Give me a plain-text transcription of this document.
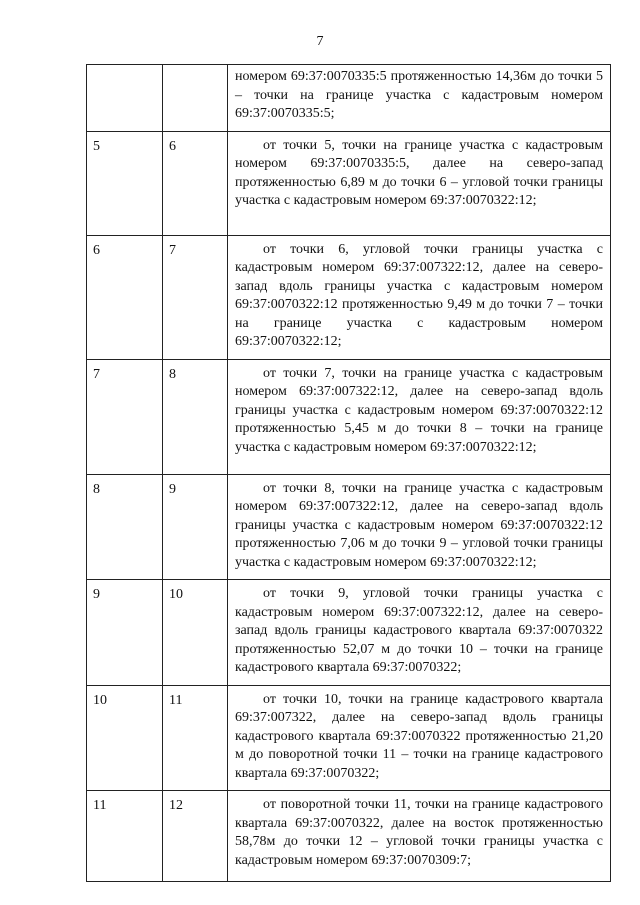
7

		номером 69:37:0070335:5 протяженностью 14,36м до точки 5 – точки на границе участка с кадастровым номером 69:37:0070335:5;

5	6	от точки 5, точки на границе участка с кадастровым номером 69:37:0070335:5, далее на северо-запад протяженностью 6,89 м до точки 6 – угловой точки границы участка с кадастровым номером 69:37:0070322:12;

6	7	от точки 6, угловой точки границы участка с кадастровым номером 69:37:007322:12, далее на северо-запад вдоль границы участка с кадастровым номером 69:37:0070322:12 протяженностью 9,49 м до точки 7 – точки на границе участка с кадастровым номером 69:37:0070322:12;

7	8	от точки 7, точки на границе участка с кадастровым номером 69:37:007322:12, далее на северо-запад вдоль границы участка с кадастровым номером 69:37:0070322:12 протяженностью 5,45 м до точки 8 – точки на границе участка с кадастровым номером 69:37:0070322:12;

8	9	от точки 8, точки на границе участка с кадастровым номером 69:37:007322:12, далее на северо-запад вдоль границы участка с кадастровым номером 69:37:0070322:12 протяженностью 7,06 м до точки 9 – угловой точки границы участка с кадастровым номером 69:37:0070322:12;

9	10	от точки 9, угловой точки границы участка с кадастровым номером 69:37:007322:12, далее на северо-запад вдоль границы кадастрового квартала 69:37:0070322 протяженностью 52,07 м до точки 10 – точки на границе кадастрового квартала 69:37:0070322;

10	11	от точки 10, точки на границе кадастрового квартала 69:37:007322, далее на северо-запад вдоль границы кадастрового квартала 69:37:0070322 протяженностью 21,20 м до поворотной точки 11 – точки на границе кадастрового квартала 69:37:0070322;

11	12	от поворотной точки 11, точки на границе кадастрового квартала 69:37:0070322, далее на восток протяженностью 58,78м до точки 12 – угловой точки границы участка с кадастровым номером 69:37:0070309:7;
